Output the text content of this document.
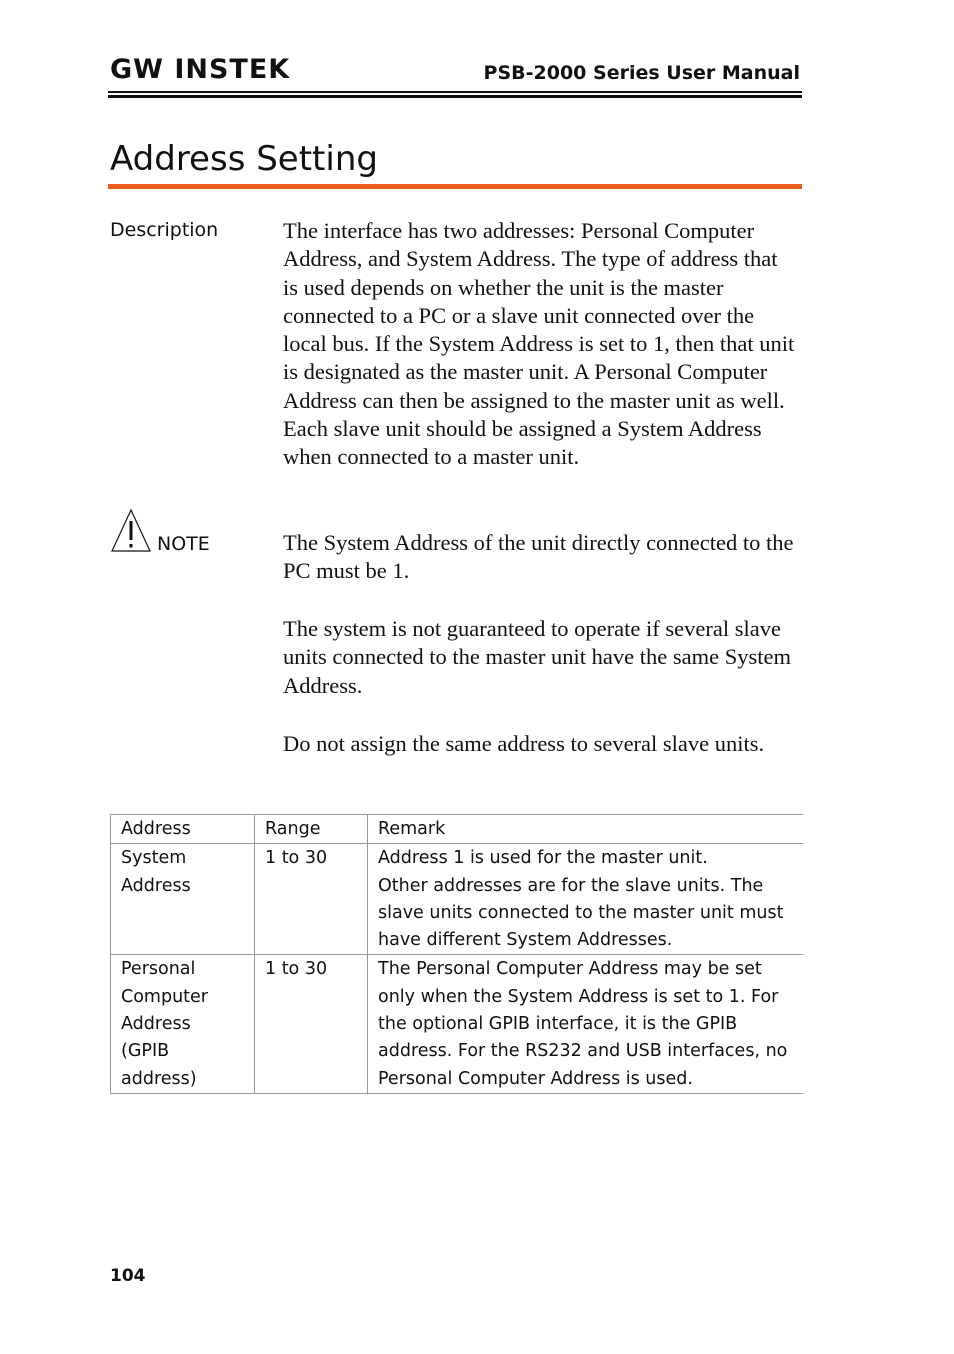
GW INSTEK	PSB-2000 Series User Manual
Address Setting
Description	The interface has two addresses: Personal Computer Address, and System Address. The type of address that is used depends on whether the unit is the master connected to a PC or a slave unit connected over the local bus. If the System Address is set to 1, then that unit is designated as the master unit. A Personal Computer Address can then be assigned to the master unit as well. Each slave unit should be assigned a System Address when connected to a master unit.

NOTE	The System Address of the unit directly connected to the PC must be 1.

The system is not guaranteed to operate if several slave units connected to the master unit have the same System Address.

Do not assign the same address to several slave units.

Address	Range	Remark
System Address	1 to 30	Address 1 is used for the master unit.
Other addresses are for the slave units. The slave units connected to the master unit must have different System Addresses.

Personal Computer Address (GPIB address)	1 to 30	The Personal Computer Address may be set only when the System Address is set to 1. For the optional GPIB interface, it is the GPIB address. For the RS232 and USB interfaces, no Personal Computer Address is used.
104
